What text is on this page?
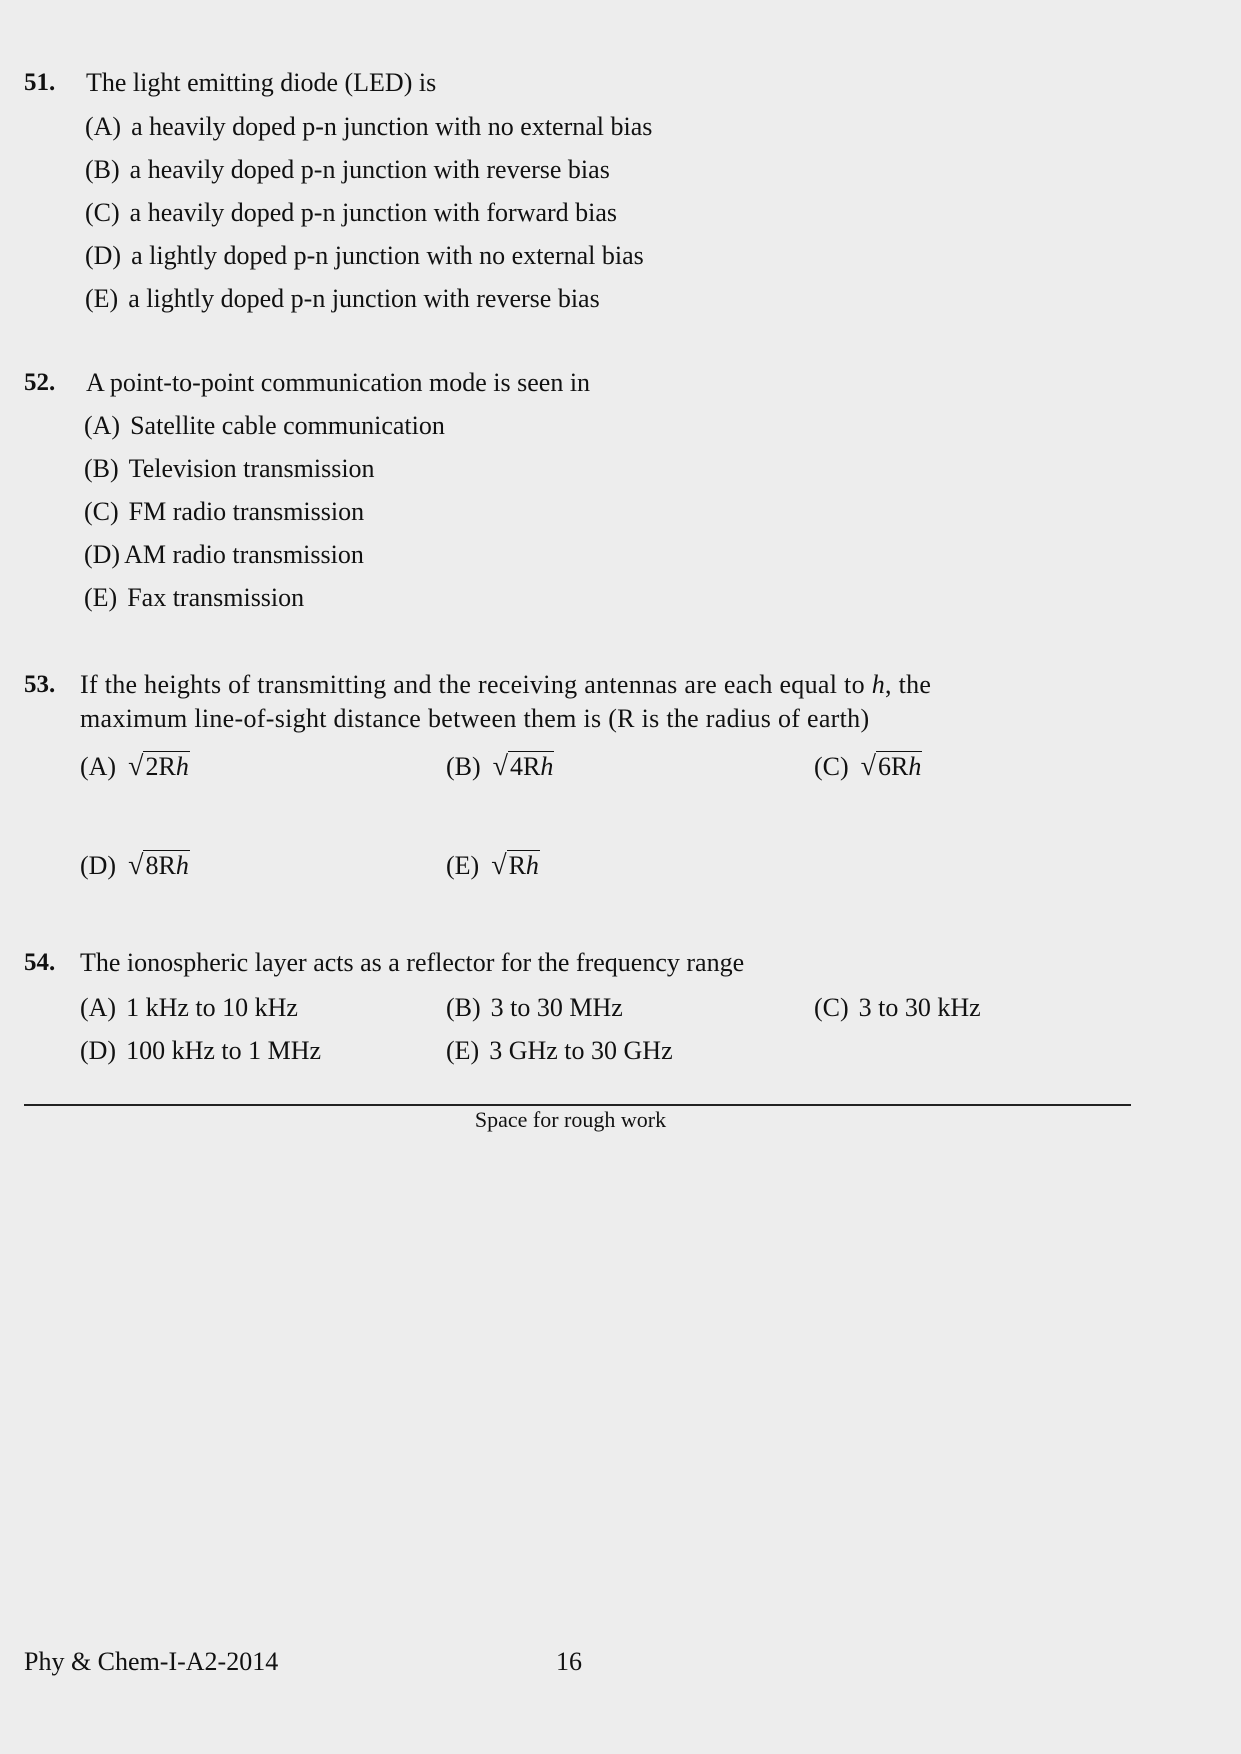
51. The light emitting diode (LED) is
(A) a heavily doped p-n junction with no external bias
(B) a heavily doped p-n junction with reverse bias
(C) a heavily doped p-n junction with forward bias
(D) a lightly doped p-n junction with no external bias
(E) a lightly doped p-n junction with reverse bias
52. A point-to-point communication mode is seen in
(A) Satellite cable communication
(B) Television transmission
(C) FM radio transmission
(D) AM radio transmission
(E) Fax transmission
53. If the heights of transmitting and the receiving antennas are each equal to h, the
maximum line-of-sight distance between them is (R is the radius of earth)
(A) √2Rh	(B) √4Rh	(C) √6Rh
(D) √8Rh	(E) √Rh
54. The ionospheric layer acts as a reflector for the frequency range
(A) 1 kHz to 10 kHz	(B) 3 to 30 MHz	(C) 3 to 30 kHz
(D) 100 kHz to 1 MHz	(E) 3 GHz to 30 GHz
Space for rough work
Phy & Chem-I-A2-2014	16
